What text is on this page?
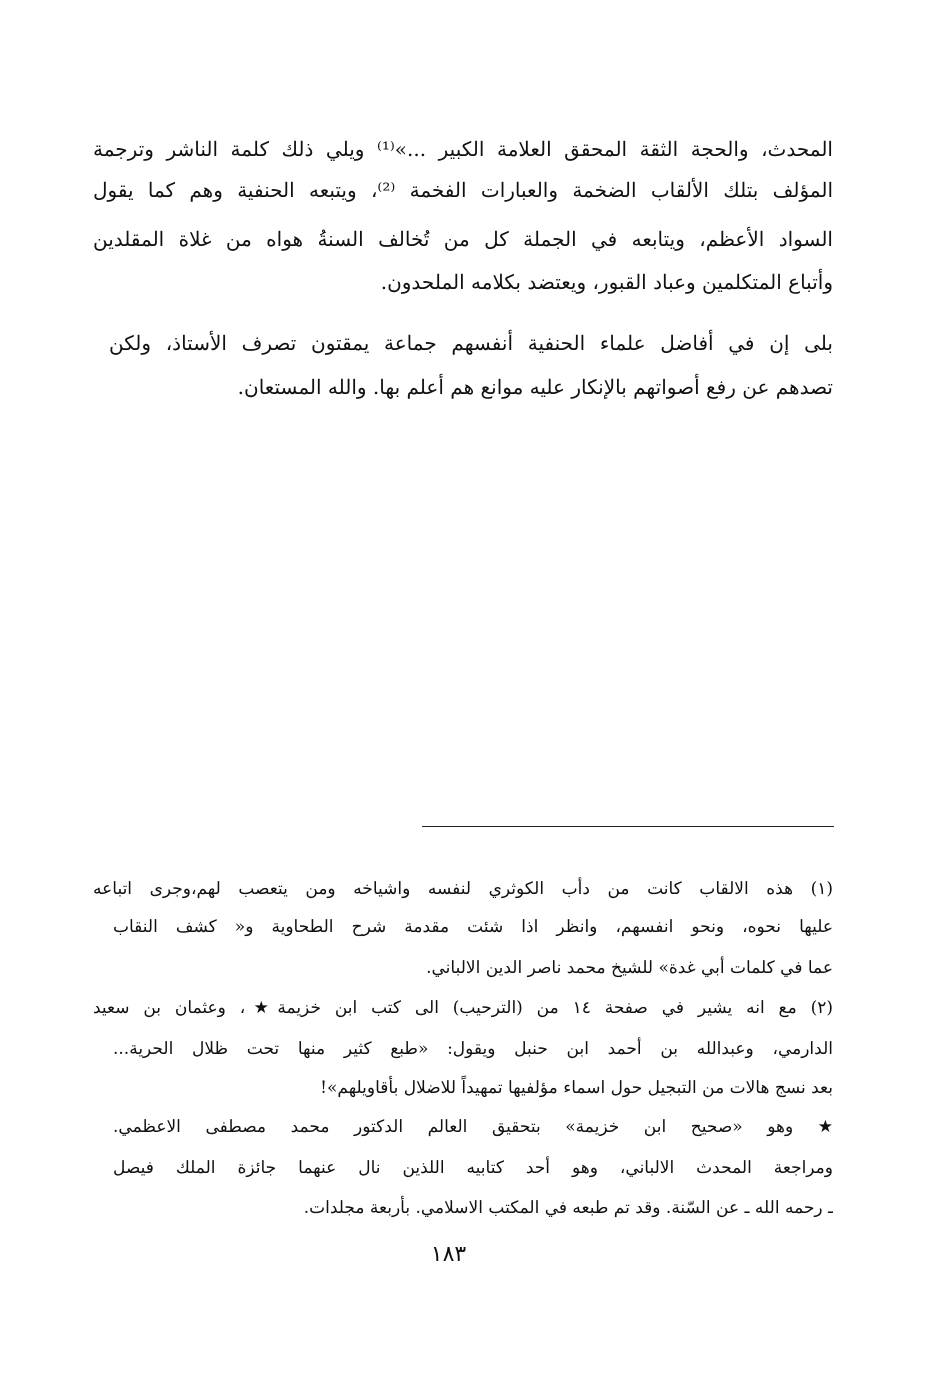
المحدث، والحجة الثقة المحقق العلامة الكبير ...»⁽¹⁾ ويلي ذلك كلمة الناشر وترجمة
المؤلف بتلك الألقاب الضخمة والعبارات الفخمة ⁽²⁾، ويتبعه الحنفية وهم كما يقول
السواد الأعظم، ويتابعه في الجملة كل من تُخالف السنةُ هواه من غلاة المقلدين
وأتباع المتكلمين وعباد القبور، ويعتضد بكلامه الملحدون.
بلى إن في أفاضل علماء الحنفية أنفسهم جماعة يمقتون تصرف الأستاذ، ولكن
تصدهم عن رفع أصواتهم بالإنكار عليه موانع هم أعلم بها. والله المستعان.
(١) هذه الالقاب كانت من دأب الكوثري لنفسه واشياخه ومن يتعصب لهم،وجرى اتباعه
عليها نحوه، ونحو انفسهم، وانظر اذا شئت مقدمة شرح الطحاوية و« كشف النقاب
عما في كلمات أبي غدة» للشيخ محمد ناصر الدين الالباني.
(٢) مع انه يشير في صفحة ١٤ من (الترحيب) الى كتب ابن خزيمة★، وعثمان بن سعيد
الدارمي، وعبدالله بن أحمد ابن حنبل ويقول: «طبع كثير منها تحت ظلال الحرية...
بعد نسج هالات من التبجيل حول اسماء مؤلفيها تمهيداً للاضلال بأقاويلهم»!
★ وهو «صحيح ابن خزيمة» بتحقيق العالم الدكتور محمد مصطفى الاعظمي.
ومراجعة المحدث الالباني، وهو أحد كتابيه اللذين نال عنهما جائزة الملك فيصل
ـ رحمه الله ـ عن السّنة. وقد تم طبعه في المكتب الاسلامي. بأربعة مجلدات.
١٨٣
